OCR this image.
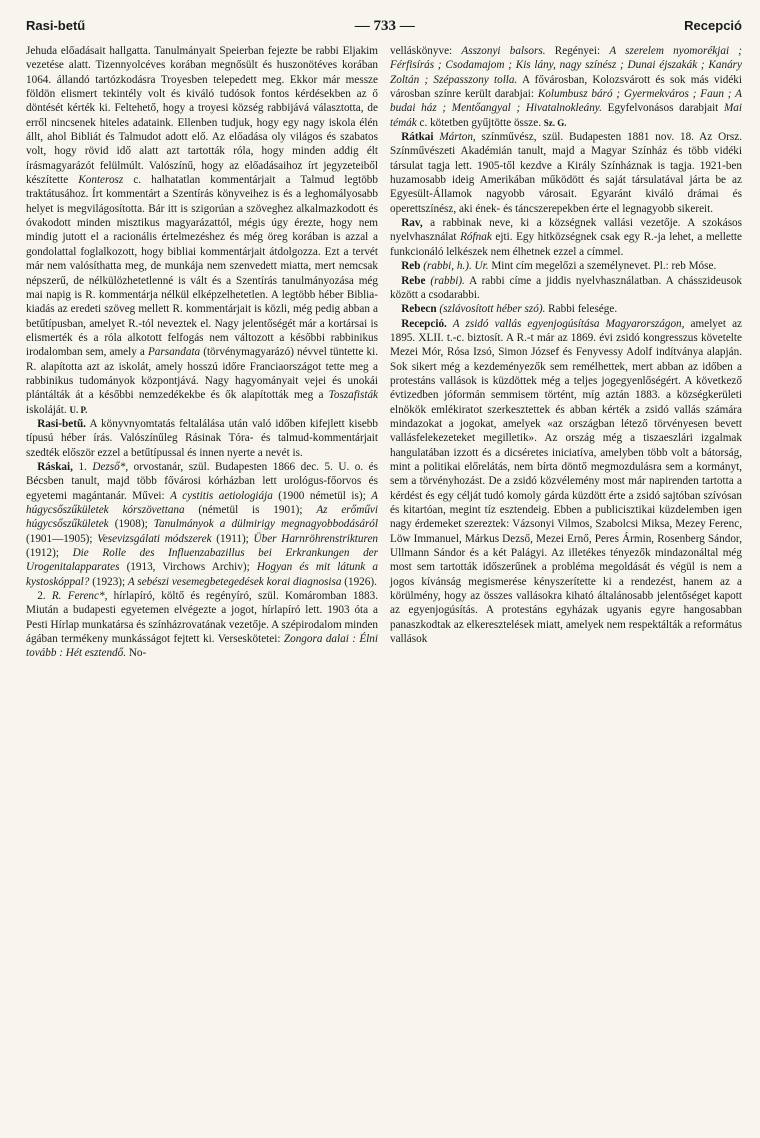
Rasi-betű	— 733 —	Recepció

Jehuda előadásait hallgatta. Tanulmányait Speierban fejezte be rabbi Eljakim vezetése alatt. Tizennyolcéves korában megnősült és huszonötéves korában 1064. állandó tartózkodásra Troyesben telepedett meg. Ekkor már messze földön elismert tekintély volt és kiváló tudósok fontos kérdésekben az ő döntését kérték ki. Feltehető, hogy a troyesi község rabbijává választotta, de erről nincsenek hiteles adataink. Ellenben tudjuk, hogy egy nagy iskola élén állt, ahol Bibliát és Talmudot adott elő. Az előadása oly világos és szabatos volt, hogy rövid idő alatt azt tartották róla, hogy minden addig élt írásmagyarázót felülmúlt. Valószínű, hogy az előadásaihoz írt jegyzeteiből készítette Konterosz c. halhatatlan kommentárjait a Talmud legtöbb traktátusához. Írt kommentárt a Szentírás könyveihez is és a leghomályosabb helyet is megvilágosította. Bár itt is szigorúan a szöveghez alkalmazkodott és óvakodott minden misztikus magyarázattól, mégis úgy érezte, hogy nem mindig jutott el a racionális értelmezéshez és még öreg korában is azzal a gondolattal foglalkozott, hogy bibliai kommentárjait átdolgozza. Ezt a tervét már nem valósíthatta meg, de munkája nem szenvedett miatta, mert nemcsak népszerű, de nélkülözhetetlenné is vált és a Szentírás tanulmányozása még mai napig is R. kommentárja nélkül elképzelhetetlen. A legtöbb héber Biblia-kiadás az eredeti szöveg mellett R. kommentárjait is közli, még pedig abban a betűtípusban, amelyet R.-tól neveztek el. Nagy jelentőségét már a kortársai is elismerték és a róla alkotott felfogás nem változott a későbbi rabbinikus irodalomban sem, amely a Parsandata (törvénymagyarázó) névvel tüntette ki. R. alapította azt az iskolát, amely hosszú időre Franciaországot tette meg a rabbinikus tudományok központjává. Nagy hagyományait vejei és unokái plántálták át a későbbi nemzedékekbe és ők alapították meg a Toszafisták iskoláját. U. P.

 Rasi-betű. A könyvnyomtatás feltalálása után való időben kifejlett kisebb típusú héber írás. Valószínűleg Rásinak Tóra- és talmud-kommentárjait szedték először ezzel a betűtípussal és innen nyerte a nevét is.

 Ráskai, 1. Dezső*, orvostanár, szül. Budapesten 1866 dec. 5. U. o. és Bécsben tanult, majd több fővárosi kórházban lett urológus-főorvos és egyetemi magántanár. Művei: A cystitis aetiologiája (1900 németül is); A húgycsőszűkületek kórszövettana (németül is 1901); Az erőművi húgycsőszűkületek (1908); Tanulmányok a dülmirigy megnagyobbodásáról (1901—1905); Vesevizsgálati módszerek (1911); Über Harnröhrenstrikturen (1912); Die Rolle des Influenzabazillus bei Erkrankungen der Urogenitalapparates (1913, Virchows Archiv); Hogyan és mit látunk a kystoskóppal? (1923); A sebészi vesemegbetegedések korai diagnosisa (1926).

 2. R. Ferenc*, hírlapíró, költő és regényíró, szül. Komáromban 1883. Miután a budapesti egyetemen elvégezte a jogot, hírlapíró lett. 1903 óta a Pesti Hírlap munkatársa és színházrovatának vezetője. A szépirodalom minden ágában termékeny munkásságot fejtett ki. Verseskötetei: Zongora dalai : Élni tovább : Hét esztendő. No-

velláskönyve: Asszonyi balsors. Regényei: A szerelem nyomorékjai ; Férfisírás ; Csodamajom ; Kis lány, nagy színész ; Dunai éjszakák ; Kanáry Zoltán ; Szépasszony tolla. A fővárosban, Kolozsvárott és sok más vidéki városban színre került darabjai: Kolumbusz báró ; Gyermekváros ; Faun ; A budai ház ; Mentőangyal ; Hivatalnokleány. Egyfelvonásos darabjait Mai témák c. kötetben gyűjtötte össze. Sz. G.

 Rátkai Márton, színművész, szül. Budapesten 1881 nov. 18. Az Orsz. Színművészeti Akadémián tanult, majd a Magyar Színház és több vidéki társulat tagja lett. 1905-től kezdve a Király Színháznak is tagja. 1921-ben huzamosabb ideig Amerikában működött és saját társulatával járta be az Egyesült-Államok nagyobb városait. Egyaránt kiváló drámai és operettszínész, aki ének- és táncszerepekben érte el legnagyobb sikereit.

 Rav, a rabbinak neve, ki a községnek vallási vezetője. A szokásos nyelvhasználat Rófnak ejti. Egy hitközségnek csak egy R.-ja lehet, a mellette funkcionáló lelkészek nem élhetnek ezzel a címmel.

 Reb (rabbi, h.). Ur. Mint cím megelőzi a személynevet. Pl.: reb Móse.

 Rebe (rabbi). A rabbi címe a jiddis nyelvhasználatban. A chásszideusok között a csodarabbi.

 Rebecn (szlávosított héber szó). Rabbi felesége.

 Recepció. A zsidó vallás egyenjogúsítása Magyarországon, amelyet az 1895. XLII. t.-c. biztosít. A R.-t már az 1869. évi zsidó kongresszus követelte Mezei Mór, Rósa Izsó, Simon József és Fenyvessy Adolf indítványa alapján. Sok sikert még a kezdeményezők sem remélhettek, mert abban az időben a protestáns vallások is küzdöttek még a teljes jogegyenlőségért. A következő évtizedben jóformán semmisem történt, míg aztán 1883. a községkerületi elnökök emlékiratot szerkesztettek és abban kérték a zsidó vallás számára mindazokat a jogokat, amelyek «az országban létező törvényesen bevett vallásfelekezeteket megilletik». Az ország még a tiszaeszlári izgalmak hangulatában izzott és a dicséretes iniciatíva, amelyben több volt a bátorság, mint a politikai előrelátás, nem bírta döntő megmozdulásra sem a kormányt, sem a törvényhozást. De a zsidó közvélemény most már napirenden tartotta a kérdést és egy célját tudó komoly gárda küzdött érte a zsidó sajtóban szívósan és kitartóan, megint tíz esztendeig. Ebben a publicisztikai küzdelemben igen nagy érdemeket szereztek: Vázsonyi Vilmos, Szabolcsi Miksa, Mezey Ferenc, Löw Immanuel, Márkus Dezső, Mezei Ernő, Peres Ármin, Rosenberg Sándor, Ullmann Sándor és a két Palágyi. Az illetékes tényezők mindazonáltal még most sem tartották időszerűnek a probléma megoldását és végül is nem a jogos kívánság megismerése kényszerítette ki a rendezést, hanem az a körülmény, hogy az összes vallásokra kiható általánosabb jelentőséget kapott az egyenjogúsítás. A protestáns egyházak ugyanis egyre hangosabban panaszkodtak az elkeresztelések miatt, amelyek nem respektálták a református vallások
